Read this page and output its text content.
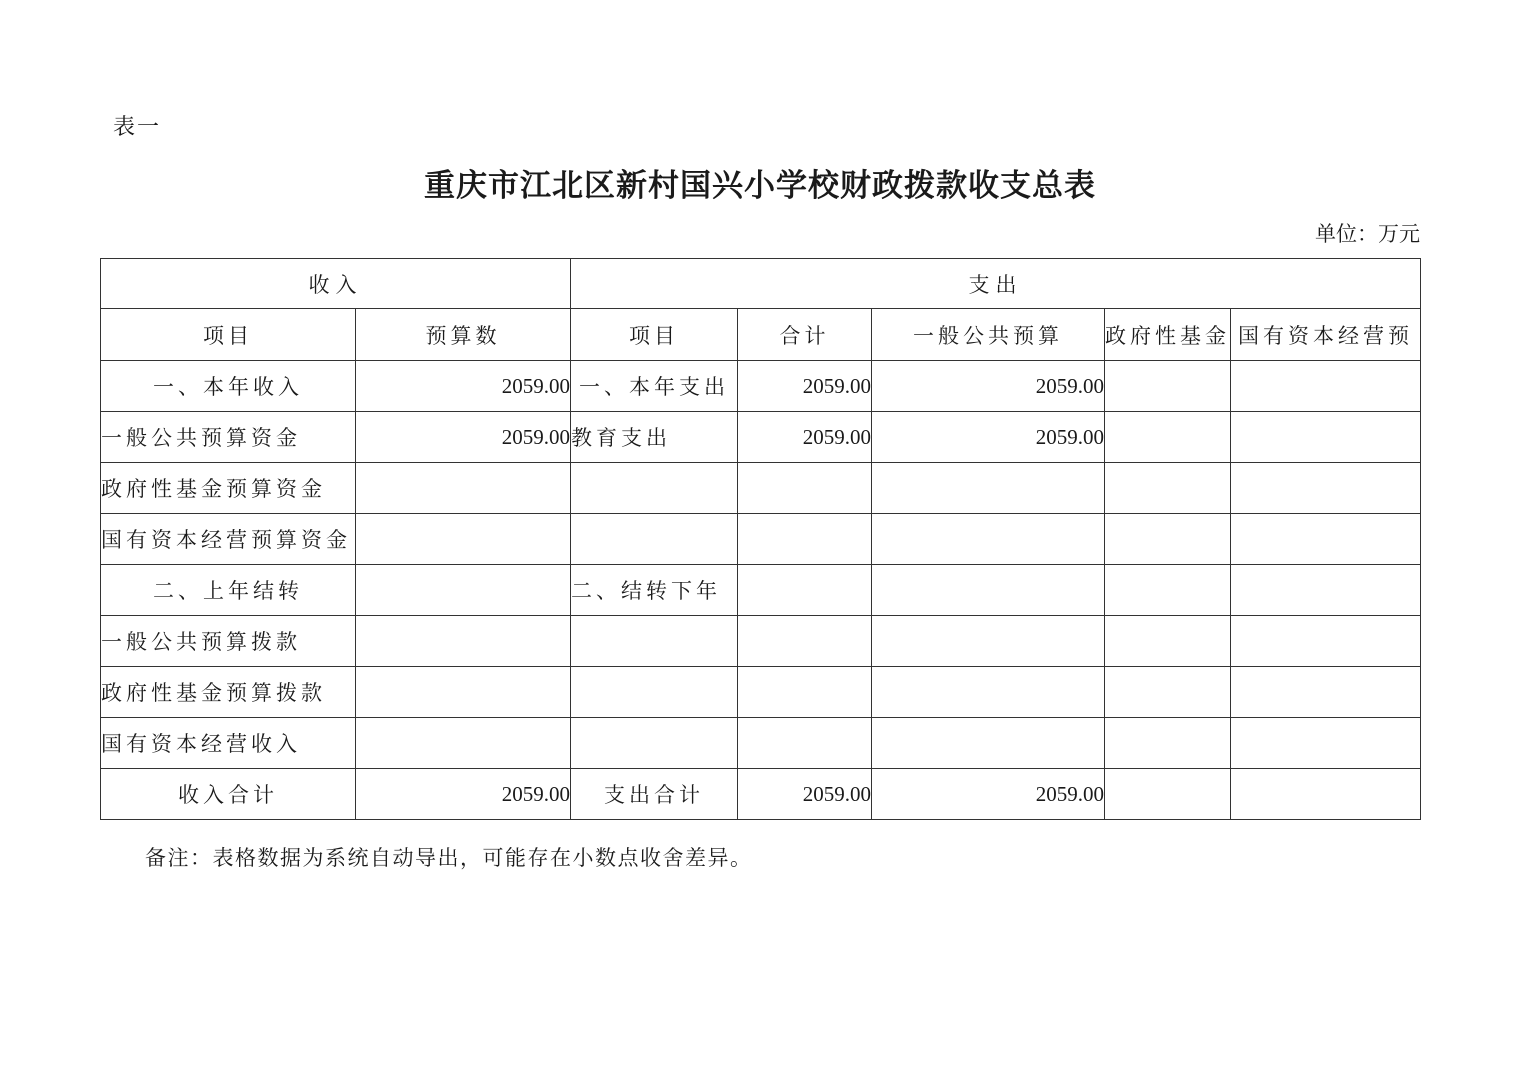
表一
重庆市江北区新村国兴小学校财政拨款收支总表
单位：万元
收入		支出				
项目	预算数	项目	合计	一般公共预算	政府性基金	国有资本经营预
一、本年收入	2059.00	一、本年支出	2059.00	2059.00		
一般公共预算资金	2059.00	教育支出	2059.00	2059.00		
政府性基金预算资金						
国有资本经营预算资金						
二、上年结转		二、结转下年				
一般公共预算拨款						
政府性基金预算拨款						
国有资本经营收入						
收入合计	2059.00	支出合计	2059.00	2059.00		
备注：表格数据为系统自动导出，可能存在小数点收舍差异。
